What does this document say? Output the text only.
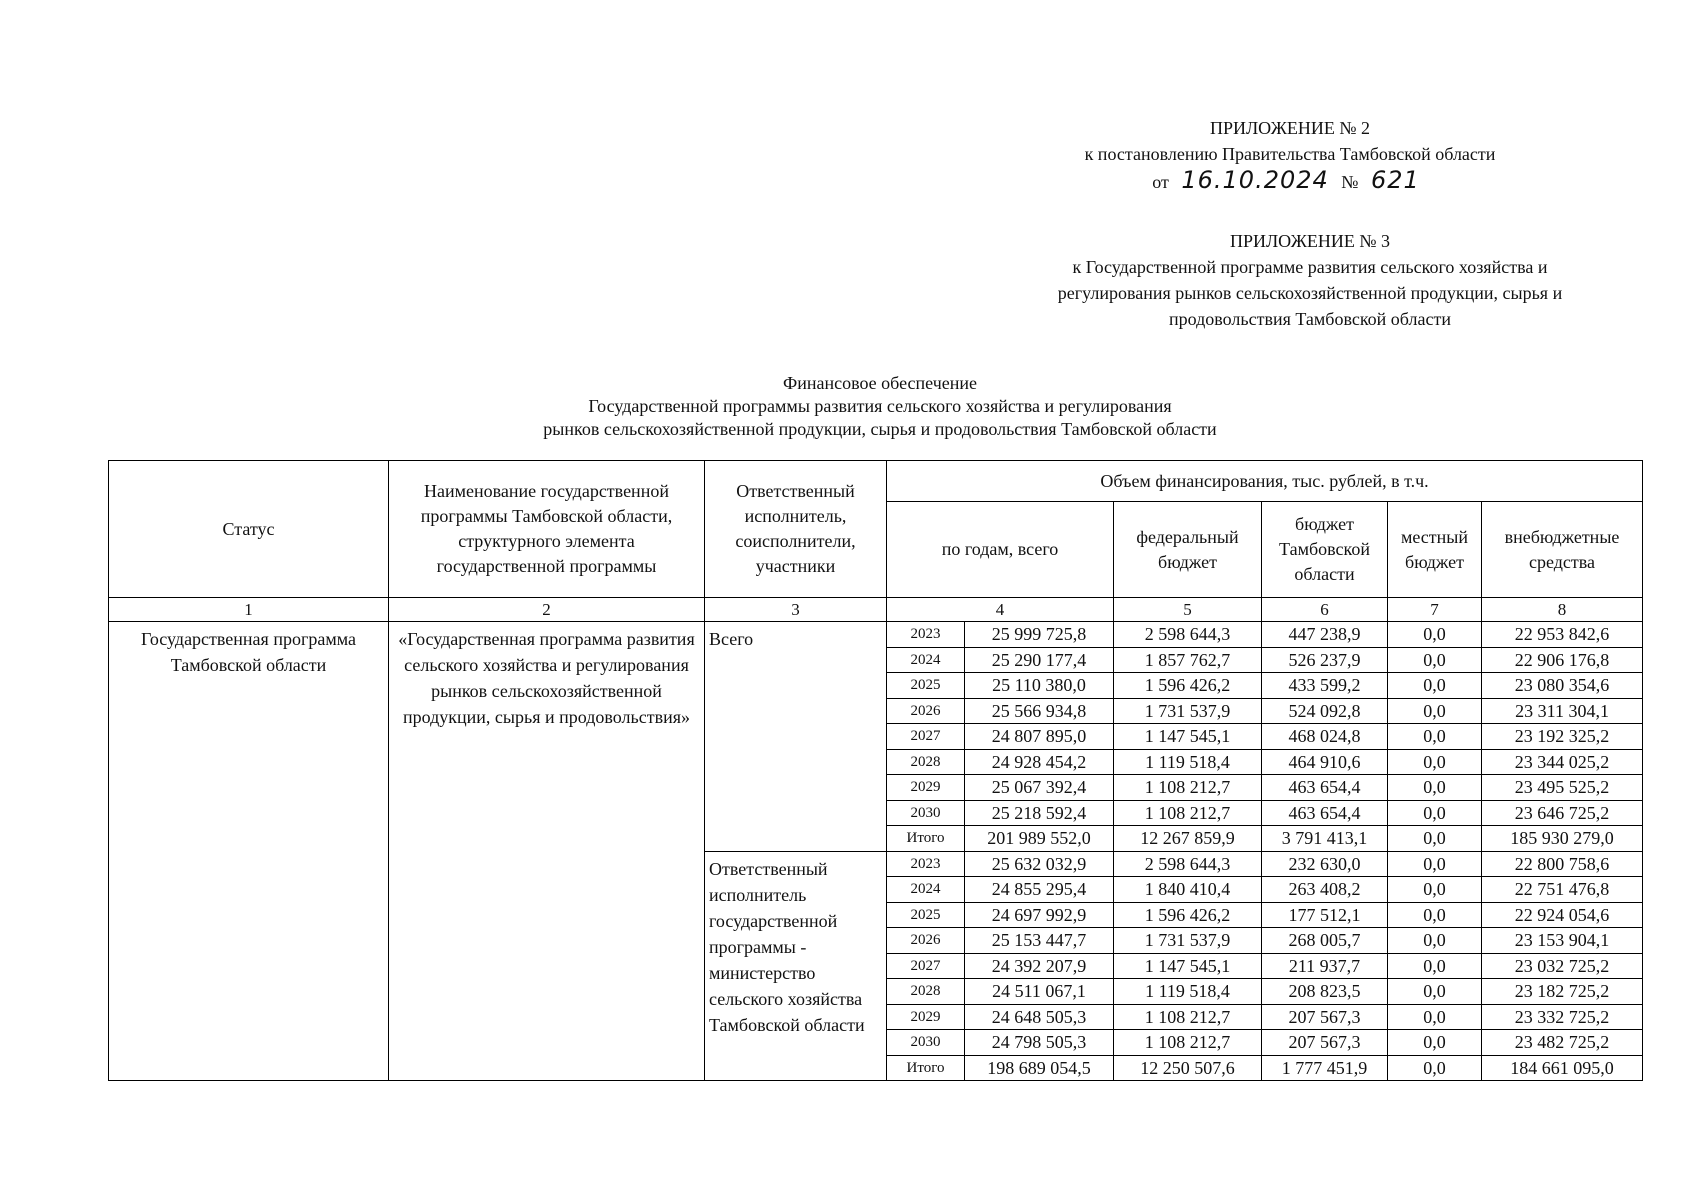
ПРИЛОЖЕНИЕ № 2
к постановлению Правительства Тамбовской области
от 16.10.2024 № 621
ПРИЛОЖЕНИЕ № 3
к Государственной программе развития сельского хозяйства и
регулирования рынков сельскохозяйственной продукции, сырья и
продовольствия Тамбовской области
Финансовое обеспечение
Государственной программы развития сельского хозяйства и регулирования
рынков сельскохозяйственной продукции, сырья и продовольствия Тамбовской области
Статус	Наименование государственной программы Тамбовской области, структурного элемента государственной программы	Ответственный исполнитель, соисполнители, участники	Объем финансирования, тыс. рублей, в т.ч.					
			по годам, всего		федеральный бюджет	бюджет Тамбовской области	местный бюджет	внебюджетные средства
1	2	3	4		5	6	7	8
Государственная программа Тамбовской области	«Государственная программа развития сельского хозяйства и регулирования рынков сельскохозяйственной продукции, сырья и продовольствия»	Всего	2023	25 999 725,8	2 598 644,3	447 238,9	0,0	22 953 842,6
			2024	25 290 177,4	1 857 762,7	526 237,9	0,0	22 906 176,8
			2025	25 110 380,0	1 596 426,2	433 599,2	0,0	23 080 354,6
			2026	25 566 934,8	1 731 537,9	524 092,8	0,0	23 311 304,1
			2027	24 807 895,0	1 147 545,1	468 024,8	0,0	23 192 325,2
			2028	24 928 454,2	1 119 518,4	464 910,6	0,0	23 344 025,2
			2029	25 067 392,4	1 108 212,7	463 654,4	0,0	23 495 525,2
			2030	25 218 592,4	1 108 212,7	463 654,4	0,0	23 646 725,2
			Итого	201 989 552,0	12 267 859,9	3 791 413,1	0,0	185 930 279,0
		Ответственный исполнитель государственной программы - министерство сельского хозяйства Тамбовской области	2023	25 632 032,9	2 598 644,3	232 630,0	0,0	22 800 758,6
			2024	24 855 295,4	1 840 410,4	263 408,2	0,0	22 751 476,8
			2025	24 697 992,9	1 596 426,2	177 512,1	0,0	22 924 054,6
			2026	25 153 447,7	1 731 537,9	268 005,7	0,0	23 153 904,1
			2027	24 392 207,9	1 147 545,1	211 937,7	0,0	23 032 725,2
			2028	24 511 067,1	1 119 518,4	208 823,5	0,0	23 182 725,2
			2029	24 648 505,3	1 108 212,7	207 567,3	0,0	23 332 725,2
			2030	24 798 505,3	1 108 212,7	207 567,3	0,0	23 482 725,2
			Итого	198 689 054,5	12 250 507,6	1 777 451,9	0,0	184 661 095,0
